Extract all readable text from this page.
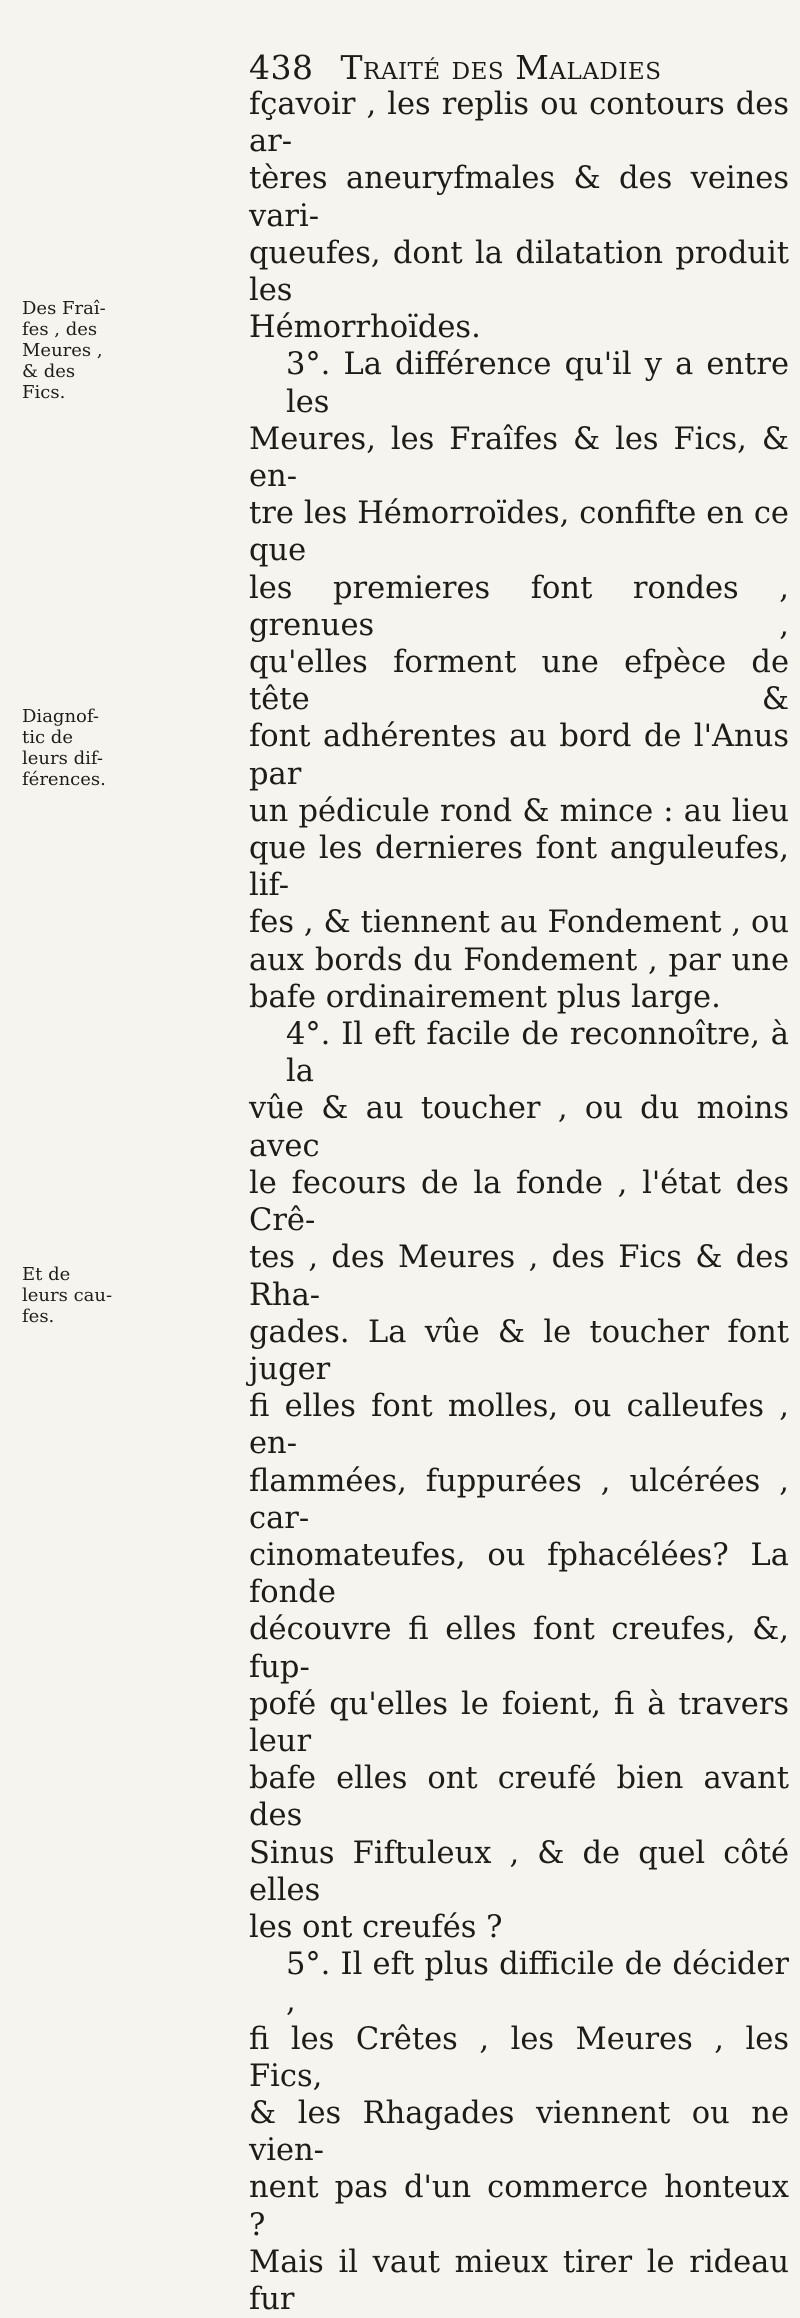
438 Traité des Maladies
Des Fraî-
fes , des
Meures ,
& des
Fics.
Diagnof-
tic de
leurs dif-
férences.
Et de
leurs cau-
fes.
fçavoir , les replis ou contours des ar-
tères aneuryfmales & des veines vari-
queufes, dont la dilatation produit les
Hémorrhoïdes.
3°. La différence qu'il y a entre les
Meures, les Fraîfes & les Fics, & en-
tre les Hémorroïdes, confifte en ce que
les premieres font rondes , grenues ,
qu'elles forment une efpèce de tête &
font adhérentes au bord de l'Anus par
un pédicule rond & mince : au lieu
que les dernieres font anguleufes, lif-
fes , & tiennent au Fondement , ou
aux bords du Fondement , par une
bafe ordinairement plus large.
4°. Il eft facile de reconnoître, à la
vûe & au toucher , ou du moins avec
le fecours de la fonde , l'état des Crê-
tes , des Meures , des Fics & des Rha-
gades. La vûe & le toucher font juger
fi elles font molles, ou calleufes , en-
flammées, fuppurées , ulcérées , car-
cinomateufes, ou fphacélées? La fonde
découvre fi elles font creufes, &, fup-
pofé qu'elles le foient, fi à travers leur
bafe elles ont creufé bien avant des
Sinus Fiftuleux , & de quel côté elles
les ont creufés ?
5°. Il eft plus difficile de décider ,
fi les Crêtes , les Meures , les Fics,
& les Rhagades viennent ou ne vien-
nent pas d'un commerce honteux ?
Mais il vaut mieux tirer le rideau fur
